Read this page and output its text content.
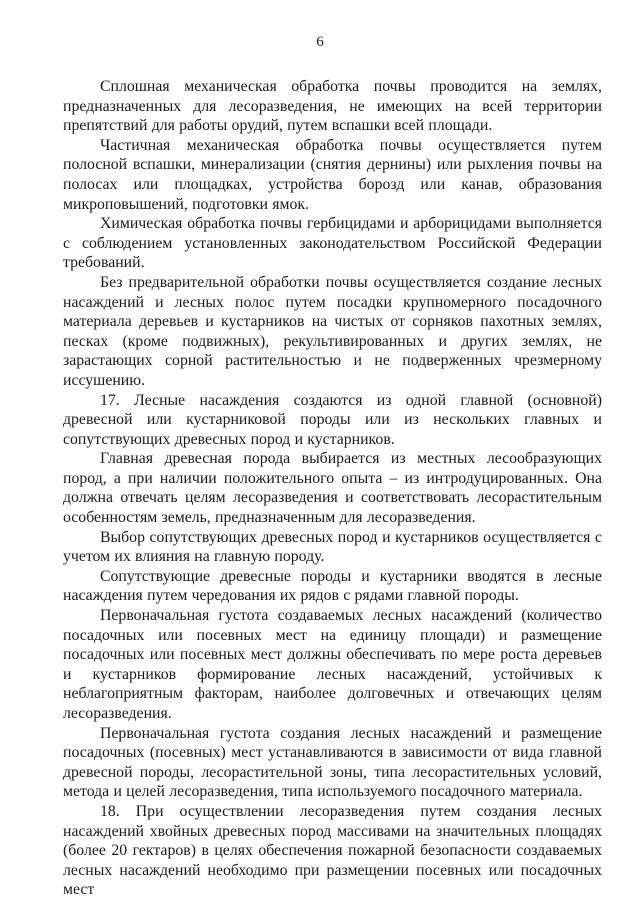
6

Сплошная механическая обработка почвы проводится на землях, предназначенных для лесоразведения, не имеющих на всей территории препятствий для работы орудий, путем вспашки всей площади.

Частичная механическая обработка почвы осуществляется путем полосной вспашки, минерализации (снятия дернины) или рыхления почвы на полосах или площадках, устройства борозд или канав, образования микроповышений, подготовки ямок.

Химическая обработка почвы гербицидами и арборицидами выполняется с соблюдением установленных законодательством Российской Федерации требований.

Без предварительной обработки почвы осуществляется создание лесных насаждений и лесных полос путем посадки крупномерного посадочного материала деревьев и кустарников на чистых от сорняков пахотных землях, песках (кроме подвижных), рекультивированных и других землях, не зарастающих сорной растительностью и не подверженных чрезмерному иссушению.

17. Лесные насаждения создаются из одной главной (основной) древесной или кустарниковой породы или из нескольких главных и сопутствующих древесных пород и кустарников.

Главная древесная порода выбирается из местных лесообразующих пород, а при наличии положительного опыта – из интродуцированных. Она должна отвечать целям лесоразведения и соответствовать лесорастительным особенностям земель, предназначенным для лесоразведения.

Выбор сопутствующих древесных пород и кустарников осуществляется с учетом их влияния на главную породу.

Сопутствующие древесные породы и кустарники вводятся в лесные насаждения путем чередования их рядов с рядами главной породы.

Первоначальная густота создаваемых лесных насаждений (количество посадочных или посевных мест на единицу площади) и размещение посадочных или посевных мест должны обеспечивать по мере роста деревьев и кустарников формирование лесных насаждений, устойчивых к неблагоприятным факторам, наиболее долговечных и отвечающих целям лесоразведения.

Первоначальная густота создания лесных насаждений и размещение посадочных (посевных) мест устанавливаются в зависимости от вида главной древесной породы, лесорастительной зоны, типа лесорастительных условий, метода и целей лесоразведения, типа используемого посадочного материала.

18. При осуществлении лесоразведения путем создания лесных насаждений хвойных древесных пород массивами на значительных площадях (более 20 гектаров) в целях обеспечения пожарной безопасности создаваемых лесных насаждений необходимо при размещении посевных или посадочных мест
